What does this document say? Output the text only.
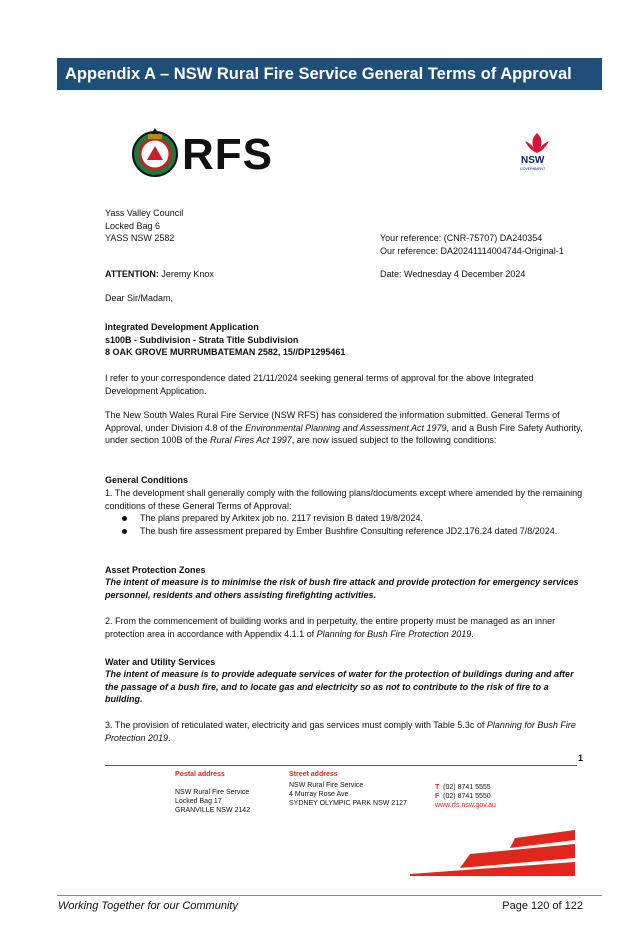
Appendix A – NSW Rural Fire Service General Terms of Approval
RFS	NSW
GOVERNMENT
Yass Valley Council
Locked Bag 6
YASS NSW 2582	Your reference: (CNR-75707) DA240354
Our reference: DA20241114004744-Original-1
ATTENTION: Jeremy Knox	Date: Wednesday 4 December 2024
Dear Sir/Madam,
Integrated Development Application
s100B - Subdivision - Strata Title Subdivision
8 OAK GROVE MURRUMBATEMAN 2582, 15//DP1295461
I refer to your correspondence dated 21/11/2024 seeking general terms of approval for the above Integrated Development Application.
The New South Wales Rural Fire Service (NSW RFS) has considered the information submitted. General Terms of Approval, under Division 4.8 of the Environmental Planning and Assessment Act 1979, and a Bush Fire Safety Authority, under section 100B of the Rural Fires Act 1997, are now issued subject to the following conditions:
General Conditions
1. The development shall generally comply with the following plans/documents except where amended by the remaining conditions of these General Terms of Approval:
The plans prepared by Arkitex job no. 2117 revision B dated 19/8/2024.
The bush fire assessment prepared by Ember Bushfire Consulting reference JD2.176.24 dated 7/8/2024.
Asset Protection Zones
The intent of measure is to minimise the risk of bush fire attack and provide protection for emergency services personnel, residents and others assisting firefighting activities.
2. From the commencement of building works and in perpetuity, the entire property must be managed as an inner protection area in accordance with Appendix 4.1.1 of Planning for Bush Fire Protection 2019.
Water and Utility Services
The intent of measure is to provide adequate services of water for the protection of buildings during and after the passage of a bush fire, and to locate gas and electricity so as not to contribute to the risk of fire to a building.
3. The provision of reticulated water, electricity and gas services must comply with Table 5.3c of Planning for Bush Fire Protection 2019.
1
Postal address
NSW Rural Fire Service
Locked Bag 17
GRANVILLE NSW 2142
Street address
NSW Rural Fire Service
4 Murray Rose Ave
SYDNEY OLYMPIC PARK NSW 2127
T (02) 8741 5555
F (02) 8741 5550
www.rfs.nsw.gov.au
Working Together for our Community	Page 120 of 122
